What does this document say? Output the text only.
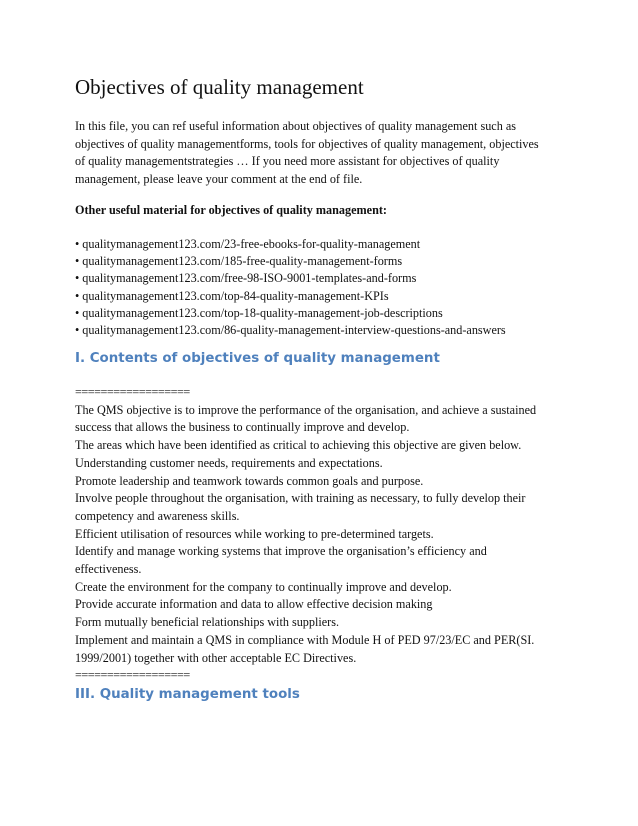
Objectives of quality management
In this file, you can ref useful information about objectives of quality management such as
objectives of quality managementforms, tools for objectives of quality management, objectives
of quality managementstrategies … If you need more assistant for objectives of quality
management, please leave your comment at the end of file.
Other useful material for objectives of quality management:
• qualitymanagement123.com/23-free-ebooks-for-quality-management
• qualitymanagement123.com/185-free-quality-management-forms
• qualitymanagement123.com/free-98-ISO-9001-templates-and-forms
• qualitymanagement123.com/top-84-quality-management-KPIs
• qualitymanagement123.com/top-18-quality-management-job-descriptions
• qualitymanagement123.com/86-quality-management-interview-questions-and-answers
I. Contents of objectives of quality management
==================
The QMS objective is to improve the performance of the organisation, and achieve a sustained
success that allows the business to continually improve and develop.
The areas which have been identified as critical to achieving this objective are given below.
Understanding customer needs, requirements and expectations.
Promote leadership and teamwork towards common goals and purpose.
Involve people throughout the organisation, with training as necessary, to fully develop their
competency and awareness skills.
Efficient utilisation of resources while working to pre-determined targets.
Identify and manage working systems that improve the organisation’s efficiency and
effectiveness.
Create the environment for the company to continually improve and develop.
Provide accurate information and data to allow effective decision making
Form mutually beneficial relationships with suppliers.
Implement and maintain a QMS in compliance with Module H of PED 97/23/EC and PER(SI.
1999/2001) together with other acceptable EC Directives.
==================
III. Quality management tools
